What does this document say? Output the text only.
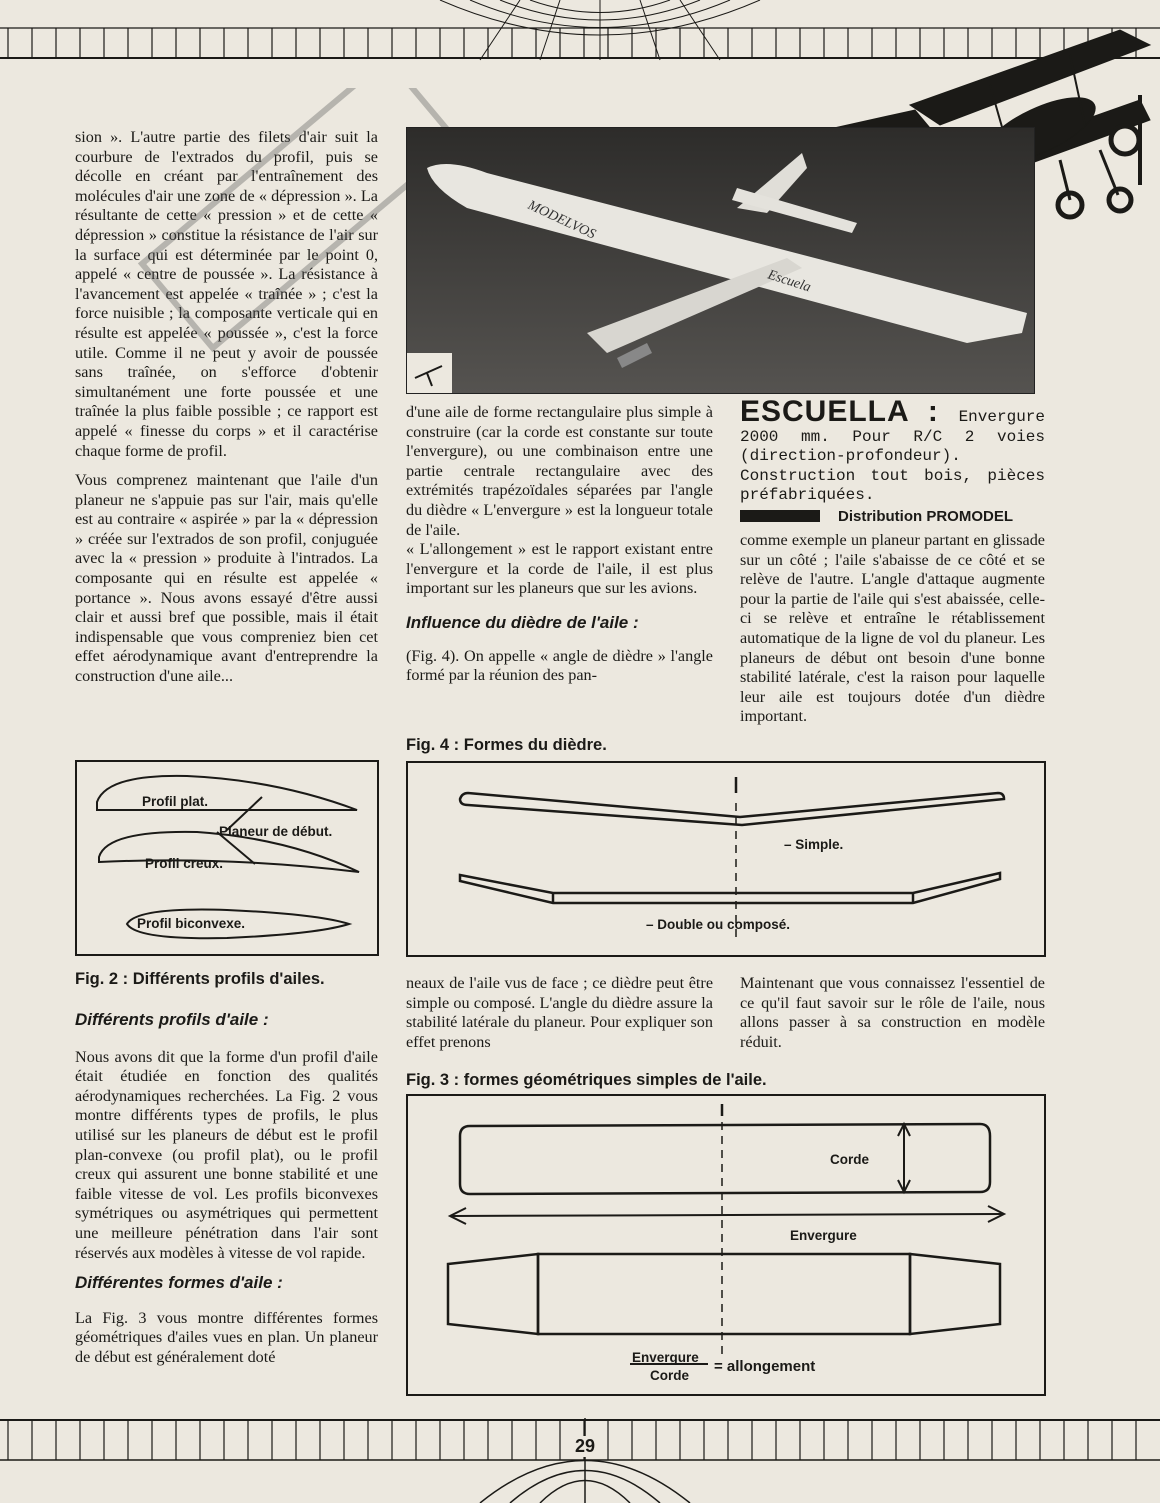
sion ». L'autre partie des filets d'air suit la courbure de l'extrados du profil, puis se décolle en créant par l'entraînement des molécules d'air une zone de « dépression ». La résultante de cette « pression » et de cette « dépression » constitue la résistance de l'air sur la surface qui est déterminée par le point 0, appelé « centre de poussée ». La résistance à l'avancement est appelée « traînée » ; c'est la force nuisible ; la composante verticale qui en résulte est appelée « poussée », c'est la force utile. Comme il ne peut y avoir de poussée sans traînée, on s'efforce d'obtenir simultanément une forte poussée et une traînée la plus faible possible ; ce rapport est appelé « finesse du corps » et il caractérise chaque forme de profil.

Vous comprenez maintenant que l'aile d'un planeur ne s'appuie pas sur l'air, mais qu'elle est au contraire « aspirée » par la « dépression » créée sur l'extrados de son profil, conjuguée avec la « pression » produite à l'intrados. La composante qui en résulte est appelée « portance ». Nous avons essayé d'être aussi clair et aussi bref que possible, mais il était indispensable que vous compreniez bien cet effet aérodynamique avant d'entreprendre la construction d'une aile...

MODELVOS
Escuela

d'une aile de forme rectangulaire plus simple à construire (car la corde est constante sur toute l'envergure), ou une combinaison entre une partie centrale rectangulaire avec des extrémités trapézoïdales séparées par l'angle du dièdre « L'envergure » est la longueur totale de l'aile.

« L'allongement » est le rapport existant entre l'envergure et la corde de l'aile, il est plus important sur les planeurs que sur les avions.

Influence du dièdre de l'aile :

(Fig. 4). On appelle « angle de dièdre » l'angle formé par la réunion des pan-

ESCUELLA : Envergure 2000 mm. Pour R/C 2 voies (direction-profondeur). Construction tout bois, pièces préfabriquées.
Distribution PROMODEL

comme exemple un planeur partant en glissade sur un côté ; l'aile s'abaisse de ce côté et se relève de l'autre. L'angle d'attaque augmente pour la partie de l'aile qui s'est abaissée, celle-ci se relève et entraîne le rétablissement automatique de la ligne de vol du planeur. Les planeurs de début ont besoin d'une bonne stabilité latérale, c'est la raison pour laquelle leur aile est toujours dotée d'un dièdre important.

Fig. 4 : Formes du dièdre.
Profil plat.
Planeur de début.
Profil creux.
Profil biconvexe.
– Simple.
– Double ou composé.
Fig. 2 : Différents profils d'ailes.
Différents profils d'aile :

Nous avons dit que la forme d'un profil d'aile était étudiée en fonction des qualités aérodynamiques recherchées. La Fig. 2 vous montre différents types de profils, le plus utilisé sur les planeurs de début est le profil plan-convexe (ou profil plat), ou le profil creux qui assurent une bonne stabilité et une faible vitesse de vol. Les profils biconvexes symétriques ou asymétriques qui permettent une meilleure pénétration dans l'air sont réservés aux modèles à vitesse de vol rapide.

Différentes formes d'aile :

La Fig. 3 vous montre différentes formes géométriques d'ailes vues en plan. Un planeur de début est généralement doté

neaux de l'aile vus de face ; ce dièdre peut être simple ou composé. L'angle du dièdre assure la stabilité latérale du planeur. Pour expliquer son effet prenons

Maintenant que vous connaissez l'essentiel de ce qu'il faut savoir sur le rôle de l'aile, nous allons passer à sa construction en modèle réduit.

Fig. 3 : formes géométriques simples de l'aile.
Corde
Envergure
Envergure
Corde
= allongement
29
